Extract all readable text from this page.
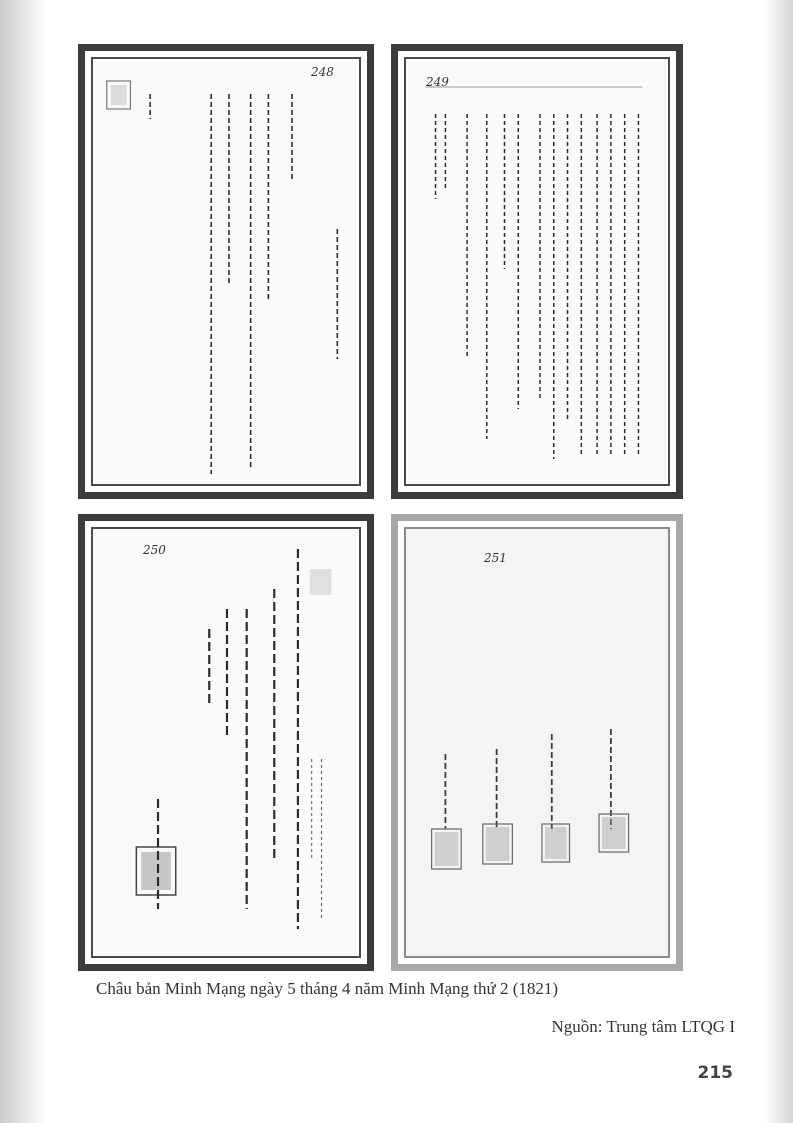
248
249
250
251
Châu bản Minh Mạng ngày 5 tháng 4 năm Minh Mạng thứ 2 (1821)
Nguồn: Trung tâm LTQG I
215
